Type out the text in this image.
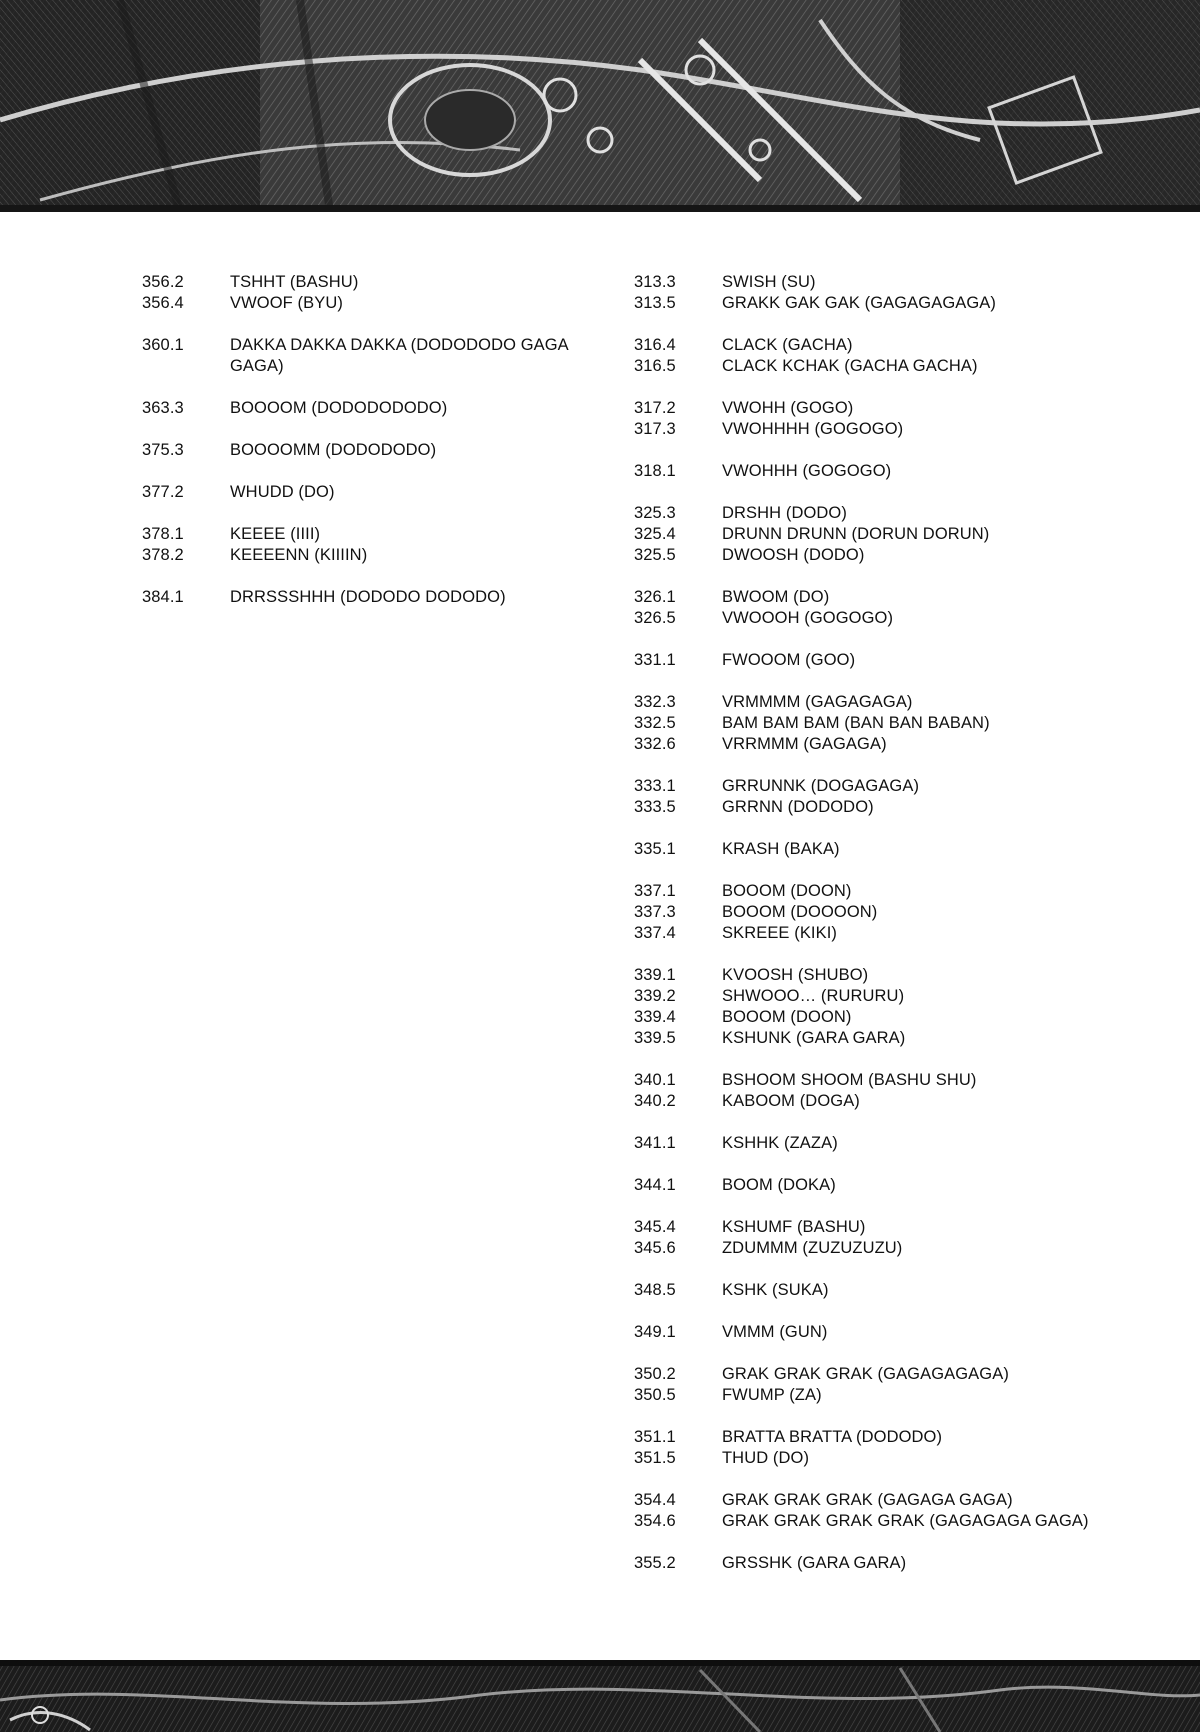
356.2	TSHHT (BASHU)
356.4	VWOOF (BYU)
360.1	DAKKA DAKKA DAKKA (DODODODO GAGA GAGA)
363.3	BOOOOM (DODODODODO)
375.3	BOOOOMM (DODODODO)
377.2	WHUDD (DO)
378.1	KEEEE (IIII)
378.2	KEEEENN (KIIIIN)
384.1	DRRSSSHHH (DODODO DODODO)
313.3	SWISH (SU)
313.5	GRAKK GAK GAK (GAGAGAGAGA)
316.4	CLACK (GACHA)
316.5	CLACK KCHAK (GACHA GACHA)
317.2	VWOHH (GOGO)
317.3	VWOHHHH (GOGOGO)
318.1	VWOHHH (GOGOGO)
325.3	DRSHH (DODO)
325.4	DRUNN DRUNN (DORUN DORUN)
325.5	DWOOSH (DODO)
326.1	BWOOM (DO)
326.5	VWOOOH (GOGOGO)
331.1	FWOOOM (GOO)
332.3	VRMMMM (GAGAGAGA)
332.5	BAM BAM BAM (BAN BAN BABAN)
332.6	VRRMMM (GAGAGA)
333.1	GRRUNNK (DOGAGAGA)
333.5	GRRNN (DODODO)
335.1	KRASH (BAKA)
337.1	BOOOM (DOON)
337.3	BOOOM (DOOOON)
337.4	SKREEE (KIKI)
339.1	KVOOSH (SHUBO)
339.2	SHWOOO… (RURURU)
339.4	BOOOM (DOON)
339.5	KSHUNK (GARA GARA)
340.1	BSHOOM SHOOM (BASHU SHU)
340.2	KABOOM (DOGA)
341.1	KSHHK (ZAZA)
344.1	BOOM (DOKA)
345.4	KSHUMF (BASHU)
345.6	ZDUMMM (ZUZUZUZU)
348.5	KSHK (SUKA)
349.1	VMMM (GUN)
350.2	GRAK GRAK GRAK (GAGAGAGAGA)
350.5	FWUMP (ZA)
351.1	BRATTA BRATTA (DODODO)
351.5	THUD (DO)
354.4	GRAK GRAK GRAK (GAGAGA GAGA)
354.6	GRAK GRAK GRAK GRAK (GAGAGAGA GAGA)
355.2	GRSSHK (GARA GARA)
